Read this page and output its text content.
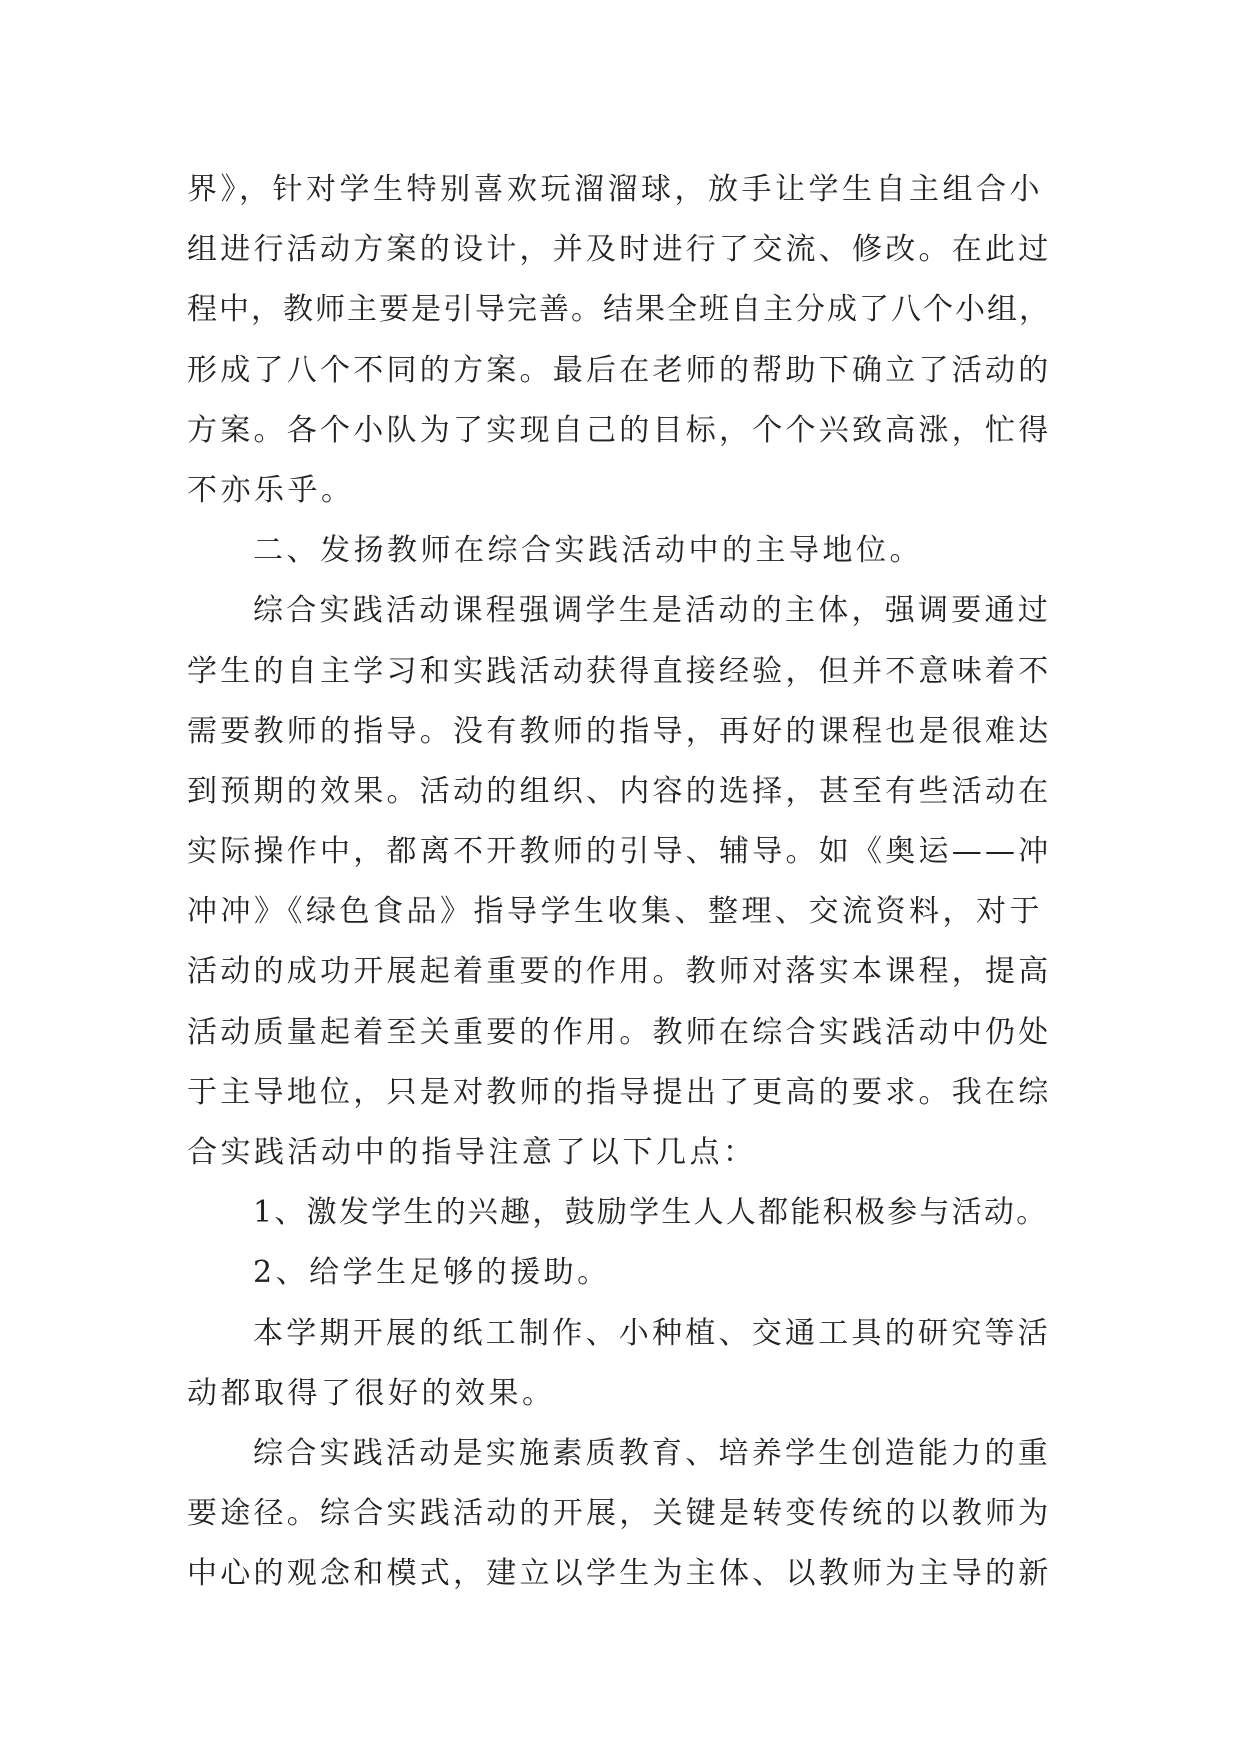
界》，针对学生特别喜欢玩溜溜球，放手让学生自主组合小
组进行活动方案的设计，并及时进行了交流、修改。在此过
程中，教师主要是引导完善。结果全班自主分成了八个小组，
形成了八个不同的方案。最后在老师的帮助下确立了活动的
方案。各个小队为了实现自己的目标，个个兴致高涨，忙得
不亦乐乎。
二、发扬教师在综合实践活动中的主导地位。
综合实践活动课程强调学生是活动的主体，强调要通过
学生的自主学习和实践活动获得直接经验，但并不意味着不
需要教师的指导。没有教师的指导，再好的课程也是很难达
到预期的效果。活动的组织、内容的选择，甚至有些活动在
实际操作中，都离不开教师的引导、辅导。如《奥运——冲
冲冲》《绿色食品》指导学生收集、整理、交流资料，对于
活动的成功开展起着重要的作用。教师对落实本课程，提高
活动质量起着至关重要的作用。教师在综合实践活动中仍处
于主导地位，只是对教师的指导提出了更高的要求。我在综
合实践活动中的指导注意了以下几点：
1、激发学生的兴趣，鼓励学生人人都能积极参与活动。
2、给学生足够的援助。
本学期开展的纸工制作、小种植、交通工具的研究等活
动都取得了很好的效果。
综合实践活动是实施素质教育、培养学生创造能力的重
要途径。综合实践活动的开展，关键是转变传统的以教师为
中心的观念和模式，建立以学生为主体、以教师为主导的新
